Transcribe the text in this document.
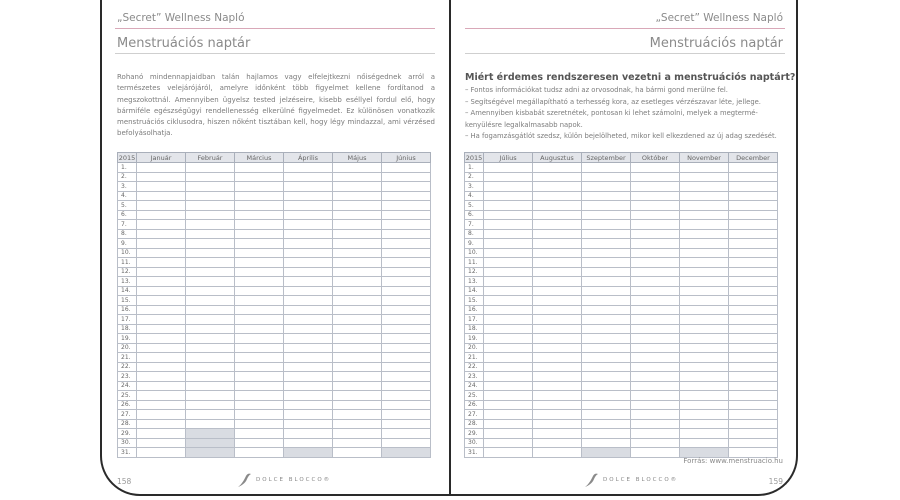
„Secret” Wellness Napló
Menstruációs naptár
Rohanó mindennapjaidban talán hajlamos vagy elfelejtkezni nőiségednek arról a természetes velejárójáról, amelyre időnként több figyelmet kellene fordítanod a megszokottnál. Amennyiben ügyelsz tested jelzéseire, kisebb eséllyel fordul elő, hogy bármiféle egészségügyi rendellenesség elkerülné figyelmedet. Ez különösen vonatkozik menstruációs ciklusodra, hiszen nőként tisztában kell, hogy légy mindazzal, ami vérzésed befolyásolhatja.
2015	Január	Február	Március	Április	Május	Június
1.						
2.						
3.						
4.						
5.						
6.						
7.						
8.						
9.						
10.						
11.						
12.						
13.						
14.						
15.						
16.						
17.						
18.						
19.						
20.						
21.						
22.						
23.						
24.						
25.						
26.						
27.						
28.						
29.						
30.						
31.						
158	DOLCE BLOCCO®
„Secret” Wellness Napló
Menstruációs naptár
Miért érdemes rendszeresen vezetni a menstruációs naptárt?
– Fontos információkat tudsz adni az orvosodnak, ha bármi gond merülne fel.
– Segítségével megállapítható a terhesség kora, az esetleges vérzészavar léte, jellege.
– Amennyiben kisbabát szeretnétek, pontosan ki lehet számolni, melyek a megtermé-
kenyülésre legalkalmasabb napok.
– Ha fogamzásgátlót szedsz, külön bejelölheted, mikor kell elkezdened az új adag szedését.
2015	Július	Augusztus	Szeptember	Október	November	December
1.						
2.						
3.						
4.						
5.						
6.						
7.						
8.						
9.						
10.						
11.						
12.						
13.						
14.						
15.						
16.						
17.						
18.						
19.						
20.						
21.						
22.						
23.						
24.						
25.						
26.						
27.						
28.						
29.						
30.						
31.						
Forrás: www.menstruacio.hu
159
DOLCE BLOCCO®
